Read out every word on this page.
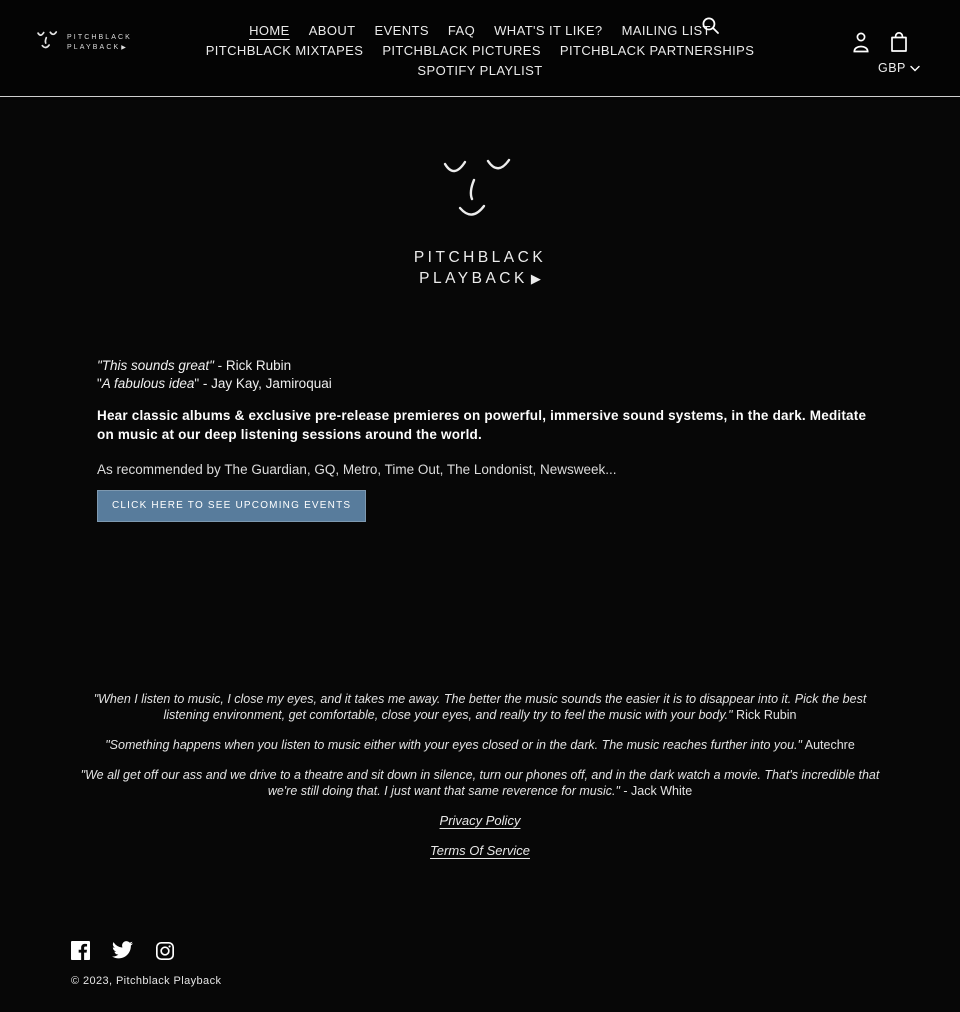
PITCHBLACK
PLAYBACK▶
HOME ABOUT EVENTS FAQ WHAT'S IT LIKE? MAILING LIST
PITCHBLACK MIXTAPES PITCHBLACK PICTURES PITCHBLACK PARTNERSHIPS
SPOTIFY PLAYLIST	GBP
PITCHBLACK
PLAYBACK ▶

"This sounds great" - Rick Rubin

"A fabulous idea" - Jay Kay, Jamiroquai

Hear classic albums & exclusive pre-release premieres on powerful, immersive sound systems, in the dark. Meditate on music at our deep listening sessions around the world.

As recommended by The Guardian, GQ, Metro, Time Out, The Londonist, Newsweek...

CLICK HERE TO SEE UPCOMING EVENTS

"When I listen to music, I close my eyes, and it takes me away. The better the music sounds the easier it is to disappear into it. Pick the best listening environment, get comfortable, close your eyes, and really try to feel the music with your body." Rick Rubin

"Something happens when you listen to music either with your eyes closed or in the dark. The music reaches further into you." Autechre

"We all get off our ass and we drive to a theatre and sit down in silence, turn our phones off, and in the dark watch a movie. That's incredible that we're still doing that. I just want that same reverence for music." - Jack White

Privacy Policy
Terms Of Service

© 2023, Pitchblack Playback
